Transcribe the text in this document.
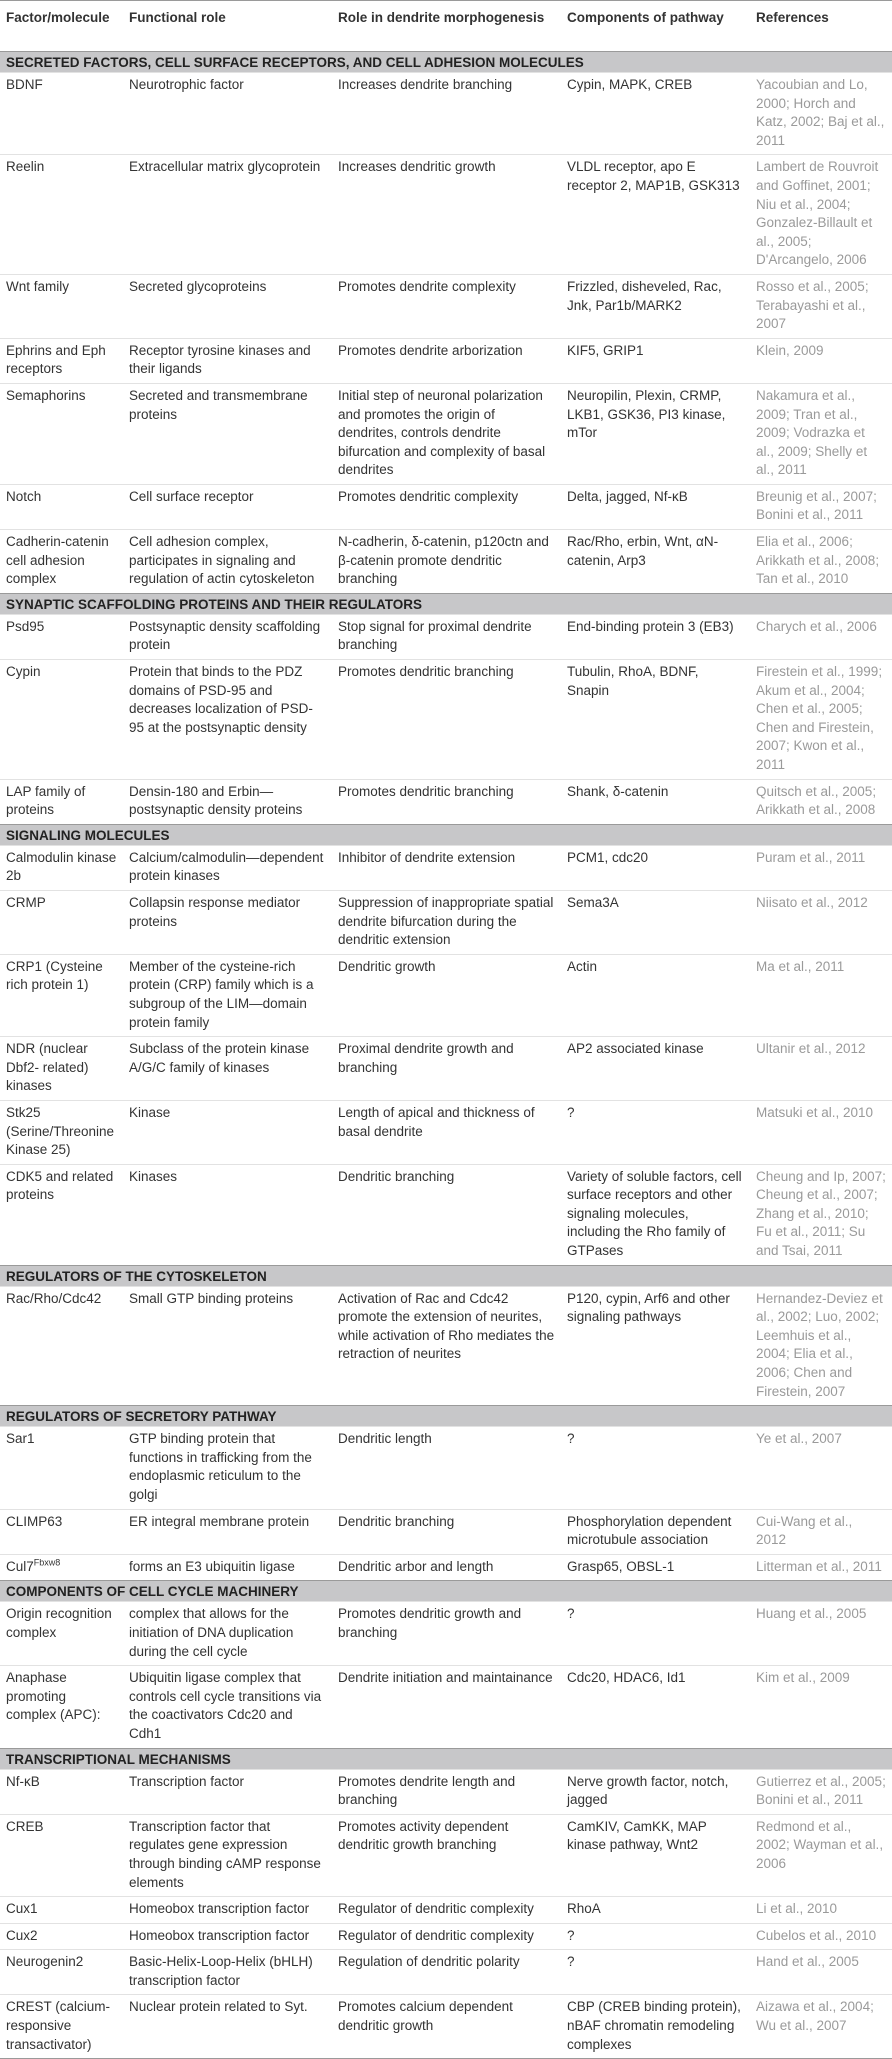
Factor/molecule	Functional role	Role in dendrite morphogenesis	Components of pathway	References
SECRETED FACTORS, CELL SURFACE RECEPTORS, AND CELL ADHESION MOLECULES				
BDNF	Neurotrophic factor	Increases dendrite branching	Cypin, MAPK, CREB	Yacoubian and Lo, 2000; Horch and Katz, 2002; Baj et al., 2011
Reelin	Extracellular matrix glycoprotein	Increases dendritic growth	VLDL receptor, apo E receptor 2, MAP1B, GSK313	Lambert de Rouvroit and Goffinet, 2001; Niu et al., 2004; Gonzalez-Billault et al., 2005; D'Arcangelo, 2006
Wnt family	Secreted glycoproteins	Promotes dendrite complexity	Frizzled, disheveled, Rac, Jnk, Par1b/MARK2	Rosso et al., 2005; Terabayashi et al., 2007
Ephrins and Eph receptors	Receptor tyrosine kinases and their ligands	Promotes dendrite arborization	KIF5, GRIP1	Klein, 2009
Semaphorins	Secreted and transmembrane proteins	Initial step of neuronal polarization and promotes the origin of dendrites, controls dendrite bifurcation and complexity of basal dendrites	Neuropilin, Plexin, CRMP, LKB1, GSK36, PI3 kinase, mTor	Nakamura et al., 2009; Tran et al., 2009; Vodrazka et al., 2009; Shelly et al., 2011
Notch	Cell surface receptor	Promotes dendritic complexity	Delta, jagged, Nf-κB	Breunig et al., 2007; Bonini et al., 2011
Cadherin-catenin cell adhesion complex	Cell adhesion complex, participates in signaling and regulation of actin cytoskeleton	N-cadherin, δ-catenin, p120ctn and β-catenin promote dendritic branching	Rac/Rho, erbin, Wnt, αN-catenin, Arp3	Elia et al., 2006; Arikkath et al., 2008; Tan et al., 2010
SYNAPTIC SCAFFOLDING PROTEINS AND THEIR REGULATORS				
Psd95	Postsynaptic density scaffolding protein	Stop signal for proximal dendrite branching	End-binding protein 3 (EB3)	Charych et al., 2006
Cypin	Protein that binds to the PDZ domains of PSD-95 and decreases localization of PSD-95 at the postsynaptic density	Promotes dendritic branching	Tubulin, RhoA, BDNF, Snapin	Firestein et al., 1999; Akum et al., 2004; Chen et al., 2005; Chen and Firestein, 2007; Kwon et al., 2011
LAP family of proteins	Densin-180 and Erbin—postsynaptic density proteins	Promotes dendritic branching	Shank, δ-catenin	Quitsch et al., 2005; Arikkath et al., 2008
SIGNALING MOLECULES				
Calmodulin kinase 2b	Calcium/calmodulin—dependent protein kinases	Inhibitor of dendrite extension	PCM1, cdc20	Puram et al., 2011
CRMP	Collapsin response mediator proteins	Suppression of inappropriate spatial dendrite bifurcation during the dendritic extension	Sema3A	Niisato et al., 2012
CRP1 (Cysteine rich protein 1)	Member of the cysteine-rich protein (CRP) family which is a subgroup of the LIM—domain protein family	Dendritic growth	Actin	Ma et al., 2011
NDR (nuclear Dbf2- related) kinases	Subclass of the protein kinase A/G/C family of kinases	Proximal dendrite growth and branching	AP2 associated kinase	Ultanir et al., 2012
Stk25 (Serine/Threonine Kinase 25)	Kinase	Length of apical and thickness of basal dendrite	?	Matsuki et al., 2010
CDK5 and related proteins	Kinases	Dendritic branching	Variety of soluble factors, cell surface receptors and other signaling molecules, including the Rho family of GTPases	Cheung and Ip, 2007; Cheung et al., 2007; Zhang et al., 2010; Fu et al., 2011; Su and Tsai, 2011
REGULATORS OF THE CYTOSKELETON				
Rac/Rho/Cdc42	Small GTP binding proteins	Activation of Rac and Cdc42 promote the extension of neurites, while activation of Rho mediates the retraction of neurites	P120, cypin, Arf6 and other signaling pathways	Hernandez-Deviez et al., 2002; Luo, 2002; Leemhuis et al., 2004; Elia et al., 2006; Chen and Firestein, 2007
REGULATORS OF SECRETORY PATHWAY				
Sar1	GTP binding protein that functions in trafficking from the endoplasmic reticulum to the golgi	Dendritic length	?	Ye et al., 2007
CLIMP63	ER integral membrane protein	Dendritic branching	Phosphorylation dependent microtubule association	Cui-Wang et al., 2012
$Cul7^{Fbxw8}$	forms an E3 ubiquitin ligase	Dendritic arbor and length	Grasp65, OBSL-1	Litterman et al., 2011
COMPONENTS OF CELL CYCLE MACHINERY				
Origin recognition complex	complex that allows for the initiation of DNA duplication during the cell cycle	Promotes dendritic growth and branching	?	Huang et al., 2005
Anaphase promoting complex (APC):	Ubiquitin ligase complex that controls cell cycle transitions via the coactivators Cdc20 and Cdh1	Dendrite initiation and maintainance	Cdc20, HDAC6, Id1	Kim et al., 2009
TRANSCRIPTIONAL MECHANISMS				
Nf-κB	Transcription factor	Promotes dendrite length and branching	Nerve growth factor, notch, jagged	Gutierrez et al., 2005; Bonini et al., 2011
CREB	Transcription factor that regulates gene expression through binding cAMP response elements	Promotes activity dependent dendritic growth branching	CamKIV, CamKK, MAP kinase pathway, Wnt2	Redmond et al., 2002; Wayman et al., 2006
Cux1	Homeobox transcription factor	Regulator of dendritic complexity	RhoA	Li et al., 2010
Cux2	Homeobox transcription factor	Regulator of dendritic complexity	?	Cubelos et al., 2010
Neurogenin2	Basic-Helix-Loop-Helix (bHLH) transcription factor	Regulation of dendritic polarity	?	Hand et al., 2005
CREST (calcium-responsive transactivator)	Nuclear protein related to Syt.	Promotes calcium dependent dendritic growth	CBP (CREB binding protein), nBAF chromatin remodeling complexes	Aizawa et al., 2004; Wu et al., 2007
